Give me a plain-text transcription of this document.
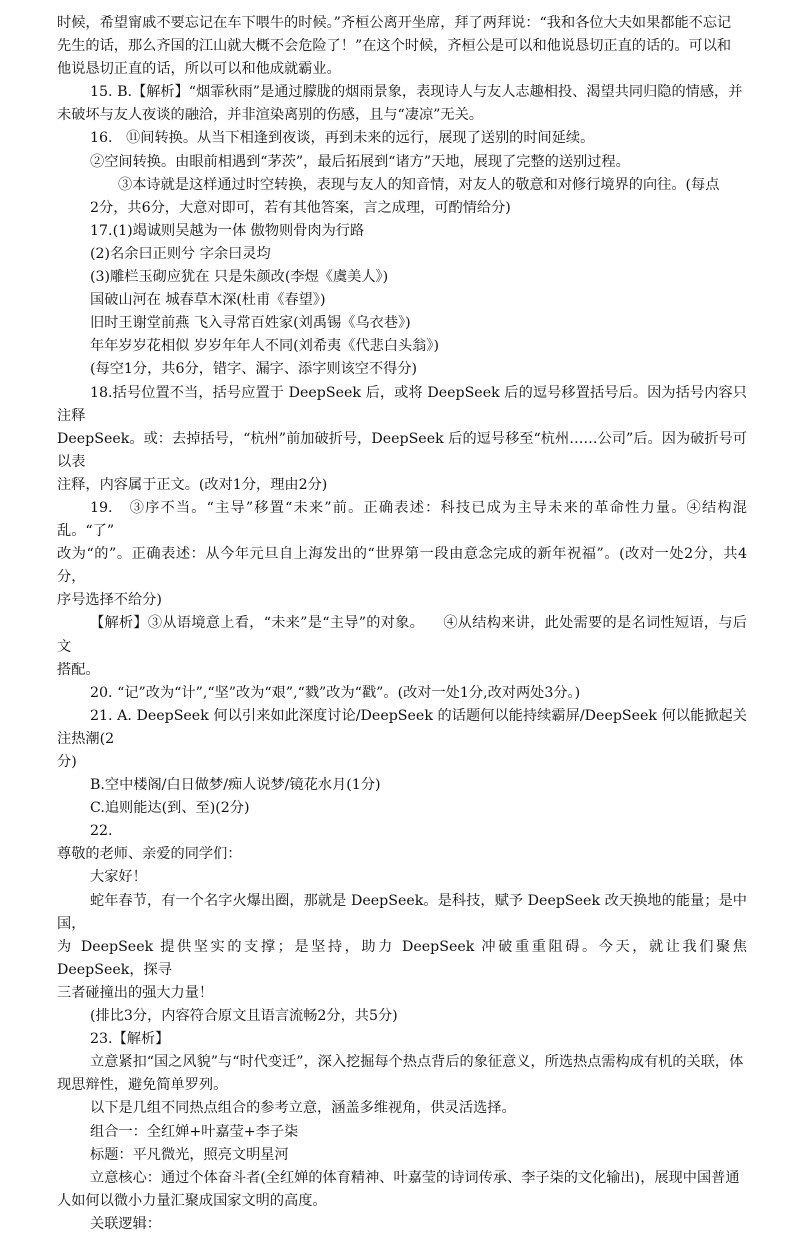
时候，希望甯戚不要忘记在车下喂牛的时候。”齐桓公离开坐席，拜了两拜说：“我和各位大夫如果都能不忘记

先生的话，那么齐国的江山就大概不会危险了！”在这个时候，齐桓公是可以和他说恳切正直的话的。可以和

他说恳切正直的话，所以可以和他成就霸业。

15. B.【解析】“烟霏秋雨”是通过朦胧的烟雨景象，表现诗人与友人志趣相投、渴望共同归隐的情感，并

未破坏与友人夜谈的融洽，并非渲染离别的伤感，且与“凄凉”无关。

16.   ⑪间转换。从当下相逢到夜谈，再到未来的远行，展现了送别的时间延续。

②空间转换。由眼前相遇到“茅茨”，最后拓展到“诸方”天地，展现了完整的送别过程。

③本诗就是这样通过时空转换，表现与友人的知音情，对友人的敬意和对修行境界的向往。(每点

2分，共6分，大意对即可，若有其他答案，言之成理，可酌情给分)

17.(1)竭诚则吴越为一体 傲物则骨肉为行路

(2)名余曰正则兮 字余曰灵均

(3)雕栏玉砌应犹在 只是朱颜改(李煜《虞美人》)

国破山河在 城春草木深(杜甫《春望》)

旧时王谢堂前燕 飞入寻常百姓家(刘禹锡《乌衣巷》)

年年岁岁花相似 岁岁年年人不同(刘希夷《代悲白头翁》)

(每空1分，共6分，错字、漏字、添字则该空不得分)

18.括号位置不当，括号应置于 DeepSeek 后，或将 DeepSeek 后的逗号移置括号后。因为括号内容只注释

DeepSeek。或：去掉括号，“杭州”前加破折号，DeepSeek 后的逗号移至“杭州……公司”后。因为破折号可以表

注释，内容属于正文。(改对1分，理由2分)

19.   ③序不当。“主导”移置“未来”前。正确表述：科技已成为主导未来的革命性力量。④结构混乱。“了”

改为“的”。正确表述：从今年元旦自上海发出的“世界第一段由意念完成的新年祝福”。(改对一处2分，共4分，

序号选择不给分)

【解析】③从语境意上看，“未来”是“主导”的对象。    ④从结构来讲，此处需要的是名词性短语，与后文

搭配。

20. “记”改为“计”,“坚”改为“艰”,“戮”改为“戳”。(改对一处1分,改对两处3分。)

21. A. DeepSeek 何以引来如此深度讨论/DeepSeek 的话题何以能持续霸屏/DeepSeek 何以能掀起关注热潮(2

分)

B.空中楼阁/白日做梦/痴人说梦/镜花水月(1分)

C.追则能达(到、至)(2分)

22.

尊敬的老师、亲爱的同学们：

大家好！

蛇年春节，有一个名字火爆出圈，那就是 DeepSeek。是科技，赋予 DeepSeek 改天换地的能量；是中国，

为 DeepSeek 提供坚实的支撑；是坚持，助力 DeepSeek 冲破重重阻碍。今天，就让我们聚焦 DeepSeek，探寻

三者碰撞出的强大力量！

(排比3分，内容符合原文且语言流畅2分，共5分)

23.【解析】

立意紧扣“国之风貌”与“时代变迁”，深入挖掘每个热点背后的象征意义，所选热点需构成有机的关联，体

现思辩性，避免简单罗列。

以下是几组不同热点组合的参考立意，涵盖多维视角，供灵活选择。

组合一：全红婵+叶嘉莹+李子柒

标题：平凡微光，照亮文明星河

立意核心：通过个体奋斗者(全红婵的体育精神、叶嘉莹的诗词传承、李子柒的文化输出)，展现中国普通

人如何以微小力量汇聚成国家文明的高度。

关联逻辑：
